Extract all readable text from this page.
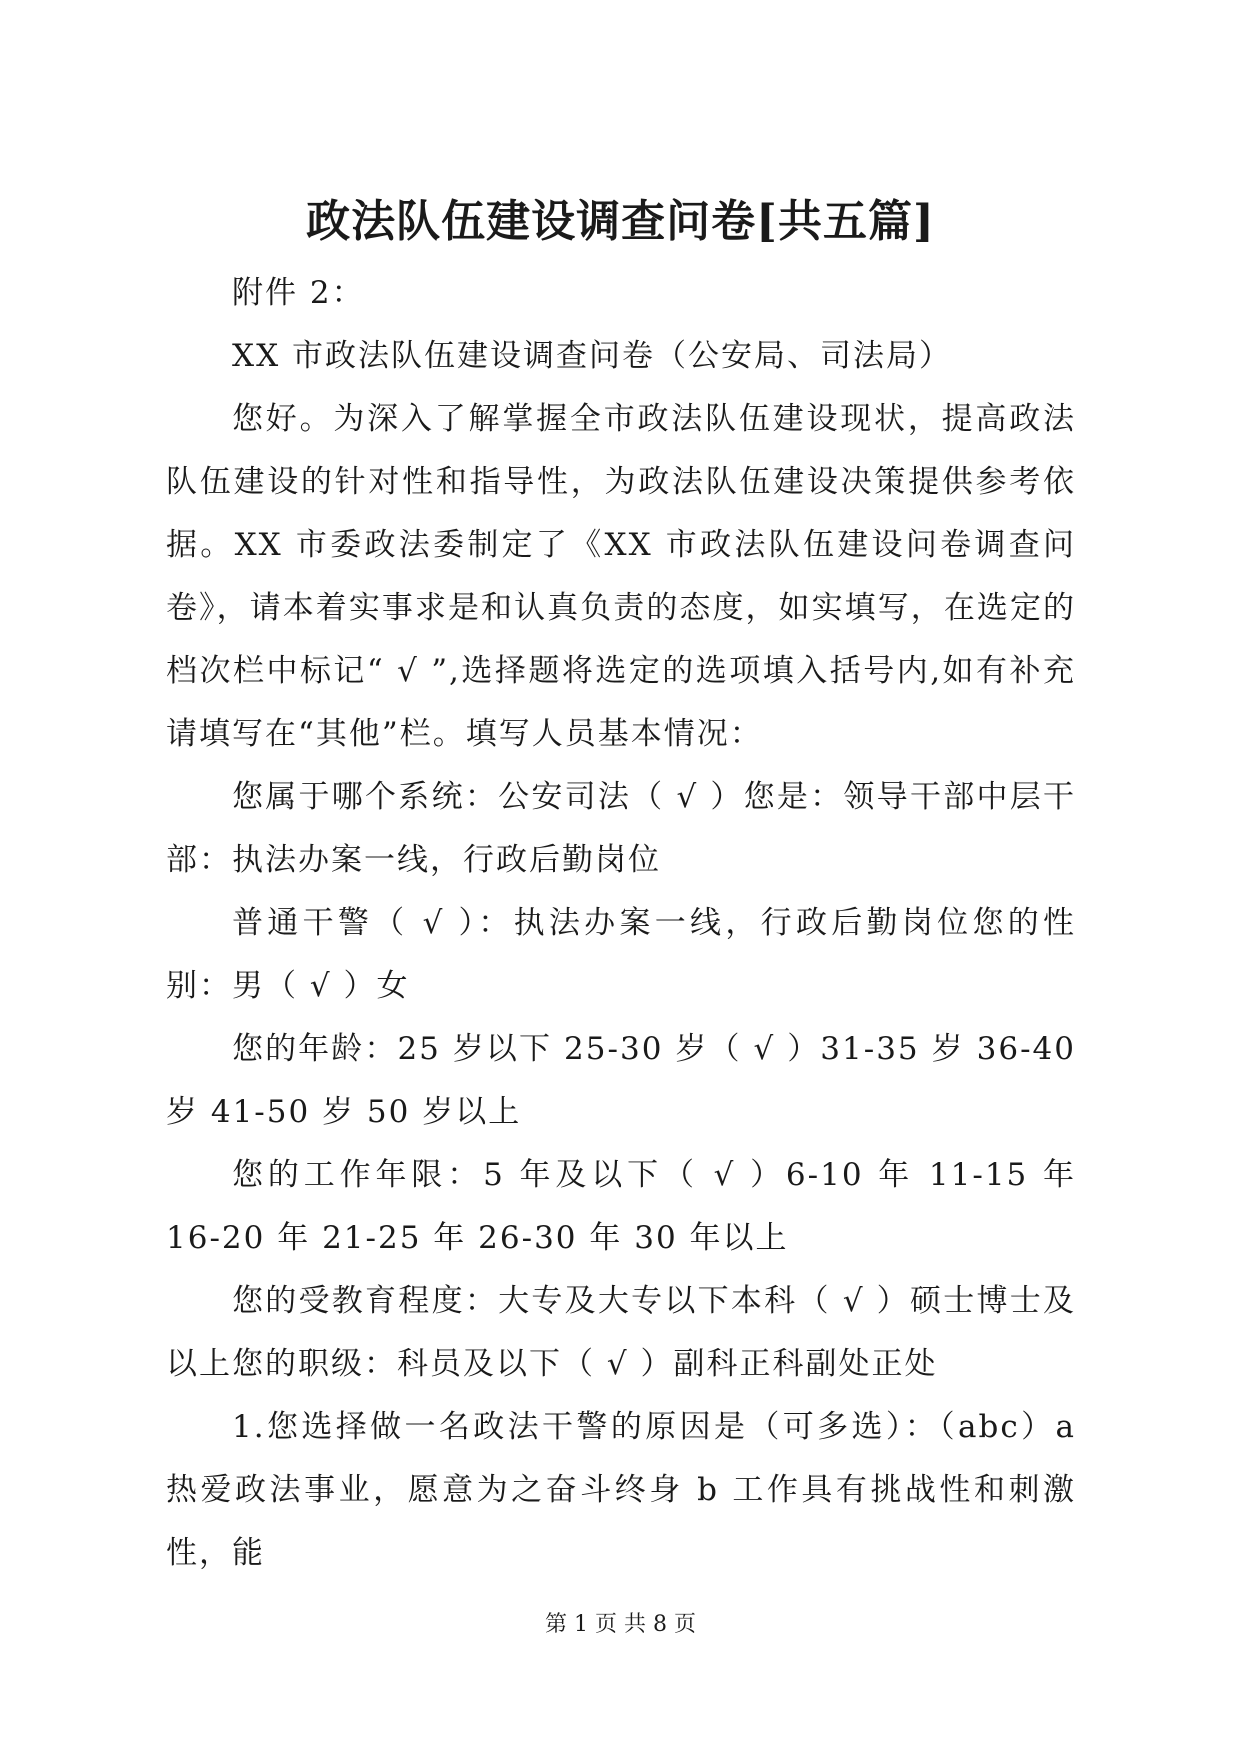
政法队伍建设调查问卷[共五篇]

附件 2：

XX 市政法队伍建设调查问卷（公安局、司法局）

您好。为深入了解掌握全市政法队伍建设现状，提高政法队伍建设的针对性和指导性，为政法队伍建设决策提供参考依据。XX 市委政法委制定了《XX 市政法队伍建设问卷调查问卷》，请本着实事求是和认真负责的态度，如实填写，在选定的档次栏中标记“ √ ”,选择题将选定的选项填入括号内,如有补充请填写在“其他”栏。填写人员基本情况：

您属于哪个系统：公安司法（ √ ）您是：领导干部中层干部：执法办案一线，行政后勤岗位

普通干警（ √ ）：执法办案一线，行政后勤岗位您的性别：男（ √ ）女

您的年龄：25 岁以下 25-30 岁（ √ ）31-35 岁 36-40 岁 41-50 岁 50 岁以上

您的工作年限：5 年及以下（ √ ）6-10 年 11-15 年 16-20 年 21-25 年 26-30 年 30 年以上

您的受教育程度：大专及大专以下本科（ √ ）硕士博士及以上您的职级：科员及以下（ √ ）副科正科副处正处

1.您选择做一名政法干警的原因是（可多选）：（abc）a 热爱政法事业，愿意为之奋斗终身 b 工作具有挑战性和刺激性，能

第 1 页 共 8 页
